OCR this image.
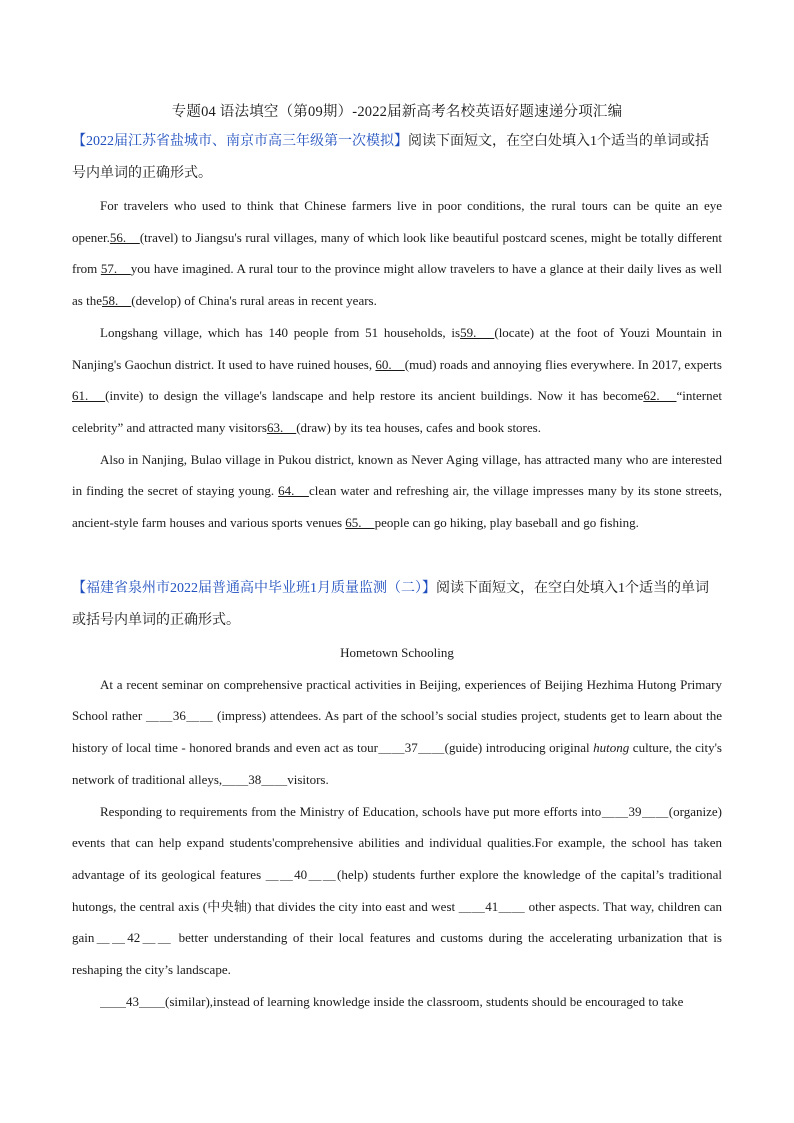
专题04 语法填空（第09期）-2022届新高考名校英语好题速递分项汇编
【2022届江苏省盐城市、南京市高三年级第一次模拟】阅读下面短文，在空白处填入1个适当的单词或括号内单词的正确形式。
For travelers who used to think that Chinese farmers live in poor conditions, the rural tours can be quite an eye opener.56.　(travel) to Jiangsu's rural villages, many of which look like beautiful postcard scenes, might be totally different from 57.　you have imagined. A rural tour to the province might allow travelers to have a glance at their daily lives as well as the58.　(develop) of China's rural areas in recent years.
Longshang village, which has 140 people from 51 households, is59.　(locate) at the foot of Youzi Mountain in Nanjing's Gaochun district. It used to have ruined houses, 60.　(mud) roads and annoying flies everywhere. In 2017, experts 61.　(invite) to design the village's landscape and help restore its ancient buildings. Now it has become62.　“internet celebrity” and attracted many visitors63.　(draw) by its tea houses, cafes and book stores.
Also in Nanjing, Bulao village in Pukou district, known as Never Aging village, has attracted many who are interested in finding the secret of staying young. 64.　clean water and refreshing air, the village impresses many by its stone streets, ancient-style farm houses and various sports venues 65.　people can go hiking, play baseball and go fishing.
【福建省泉州市2022届普通高中毕业班1月质量监测（二）】阅读下面短文，在空白处填入1个适当的单词或括号内单词的正确形式。
Hometown Schooling
At a recent seminar on comprehensive practical activities in Beijing, experiences of Beijing Hezhima Hutong Primary School rather ＿＿36＿＿ (impress) attendees. As part of the school’s social studies project, students get to learn about the history of local time - honored brands and even act as tour＿＿37＿＿(guide) introducing original hutong culture, the city's network of traditional alleys,＿＿38＿＿visitors.
Responding to requirements from the Ministry of Education, schools have put more efforts into＿＿39＿＿(organize) events that can help expand students'comprehensive abilities and individual qualities.For example, the school has taken advantage of its geological features ＿＿40＿＿(help) students further explore the knowledge of the capital’s traditional hutongs, the central axis (中央轴) that divides the city into east and west ＿＿41＿＿ other aspects. That way, children can gain＿＿42＿＿ better understanding of their local features and customs during the accelerating urbanization that is reshaping the city’s landscape.
＿＿43＿＿(similar),instead of learning knowledge inside the classroom, students should be encouraged to take
